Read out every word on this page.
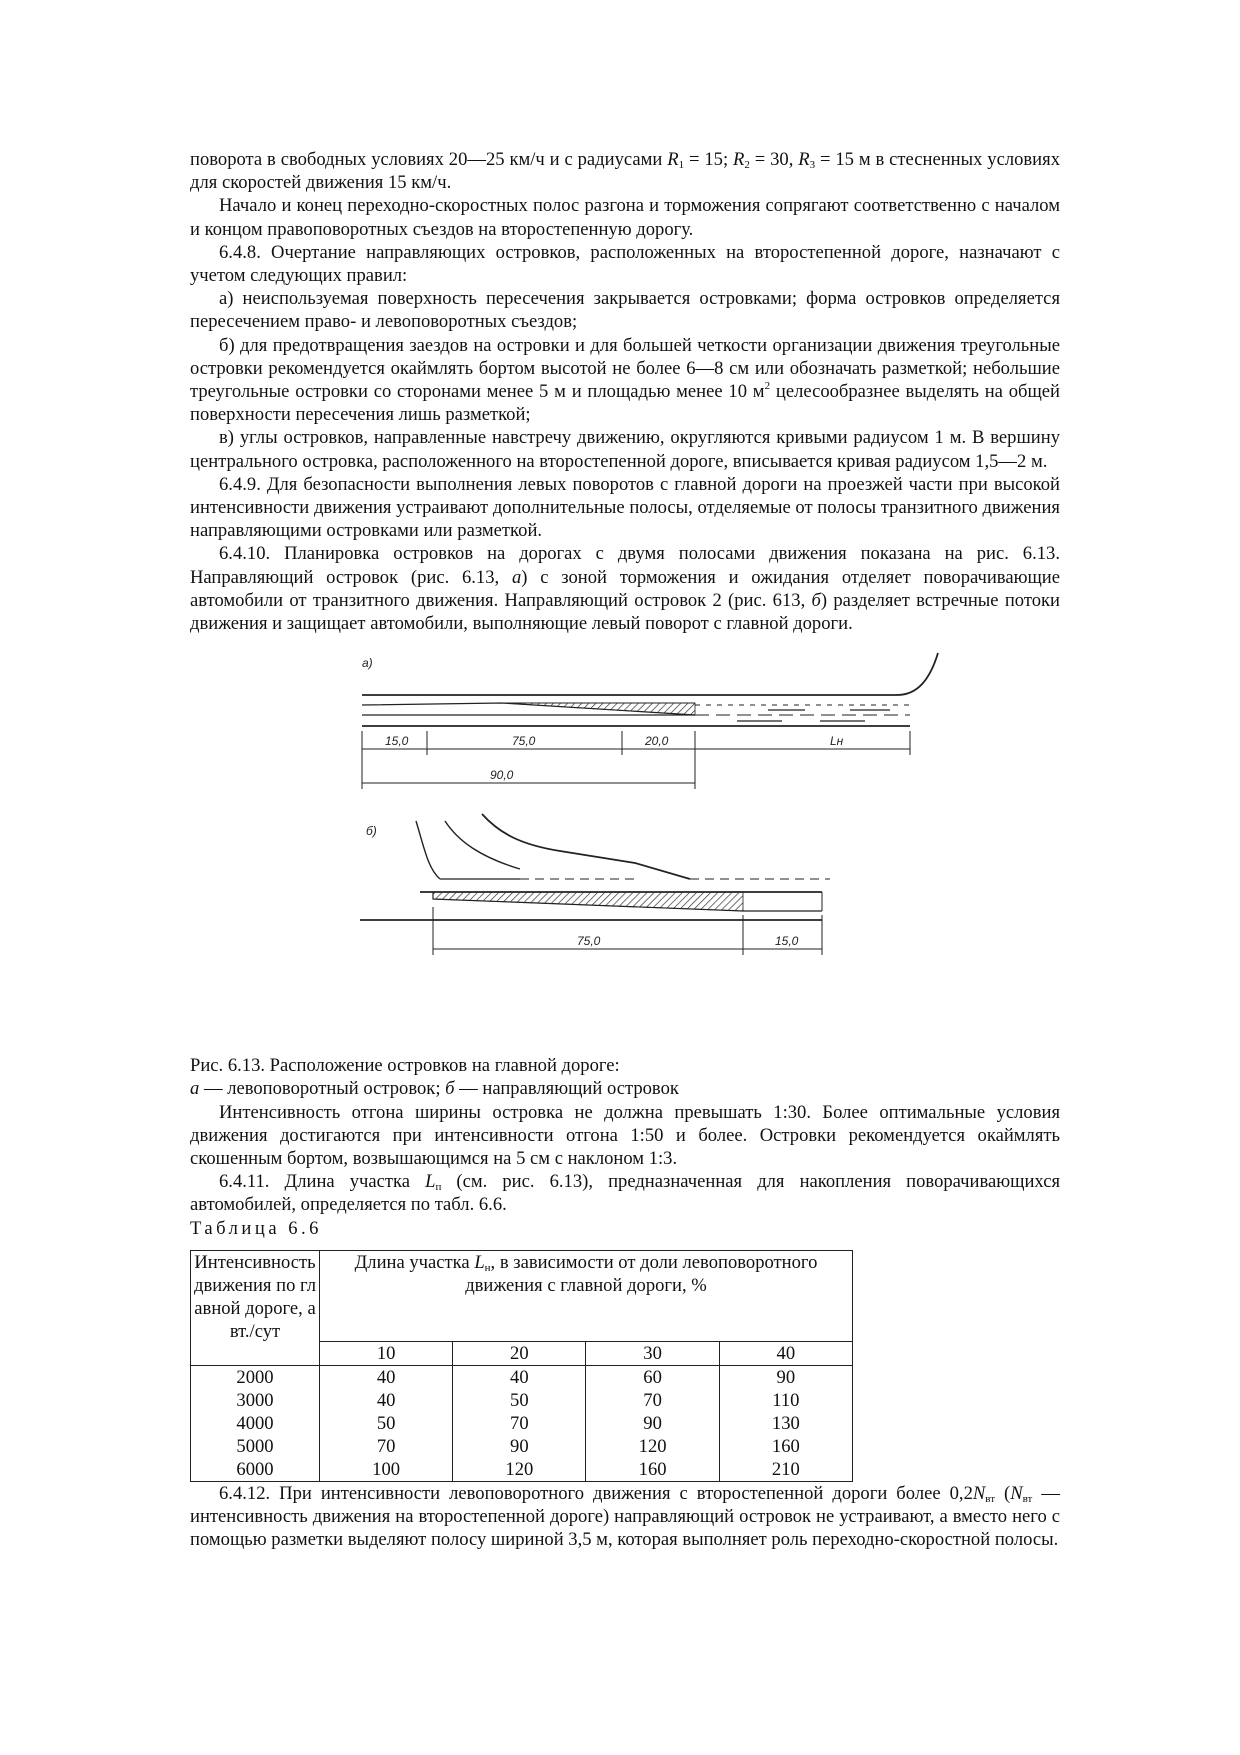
поворота в свободных условиях 20—25 км/ч и с радиусами $R_1 = 15$; $R_2 = 30$, $R_3 = 15$ м в стесненных условиях для скоростей движения 15 км/ч.

Начало и конец переходно-скоростных полос разгона и торможения сопрягают соответственно с началом и концом правоповоротных съездов на второстепенную дорогу.

6.4.8. Очертание направляющих островков, расположенных на второстепенной дороге, назначают с учетом следующих правил:

а) неиспользуемая поверхность пересечения закрывается островками; форма островков определяется пересечением право- и левоповоротных съездов;

б) для предотвращения заездов на островки и для большей четкости организации движения треугольные островки рекомендуется окаймлять бортом высотой не более 6—8 см или обозначать разметкой; небольшие треугольные островки со сторонами менее 5 м и площадью менее 10 $м^2$ целесообразнее выделять на общей поверхности пересечения лишь разметкой;

в) углы островков, направленные навстречу движению, округляются кривыми радиусом 1 м. В вершину центрального островка, расположенного на второстепенной дороге, вписывается кривая радиусом 1,5—2 м.

6.4.9. Для безопасности выполнения левых поворотов с главной дороги на проезжей части при высокой интенсивности движения устраивают дополнительные полосы, отделяемые от полосы транзитного движения направляющими островками или разметкой.

6.4.10. Планировка островков на дорогах с двумя полосами движения показана на рис. 6.13. Направляющий островок (рис. 6.13, а) с зоной торможения и ожидания отделяет поворачивающие автомобили от транзитного движения. Направляющий островок 2 (рис. 613, б) разделяет встречные потоки движения и защищает автомобили, выполняющие левый поворот с главной дороги.

а)
15,0	75,0	20,0	Lн
90,0
б)
75,0	15,0

Рис. 6.13. Расположение островков на главной дороге:
а — левоповоротный островок; б — направляющий островок

Интенсивность отгона ширины островка не должна превышать 1:30. Более оптимальные условия движения достигаются при интенсивности отгона 1:50 и более. Островки рекомендуется окаймлять скошенным бортом, возвышающимся на 5 см с наклоном 1:3.

6.4.11. Длина участка $L_п$ (см. рис. 6.13), предназначенная для накопления поворачивающихся автомобилей, определяется по табл. 6.6.

Таблица 6.6

Интенсивность движения по главной дороге, авт./сут	Длина участка $L_н$, в зависимости от доли левоповоротного движения с главной дороги, %			
	10	20	30	40
2000	40	40	60	90
3000	40	50	70	110
4000	50	70	90	130
5000	70	90	120	160
6000	100	120	160	210

6.4.12. При интенсивности левоповоротного движения с второстепенной дороги более $0,2N_{вт}$ ($N_{вт}$ — интенсивность движения на второстепенной дороге) направляющий островок не устраивают, а вместо него с помощью разметки выделяют полосу шириной 3,5 м, которая выполняет роль переходно-скоростной полосы.
